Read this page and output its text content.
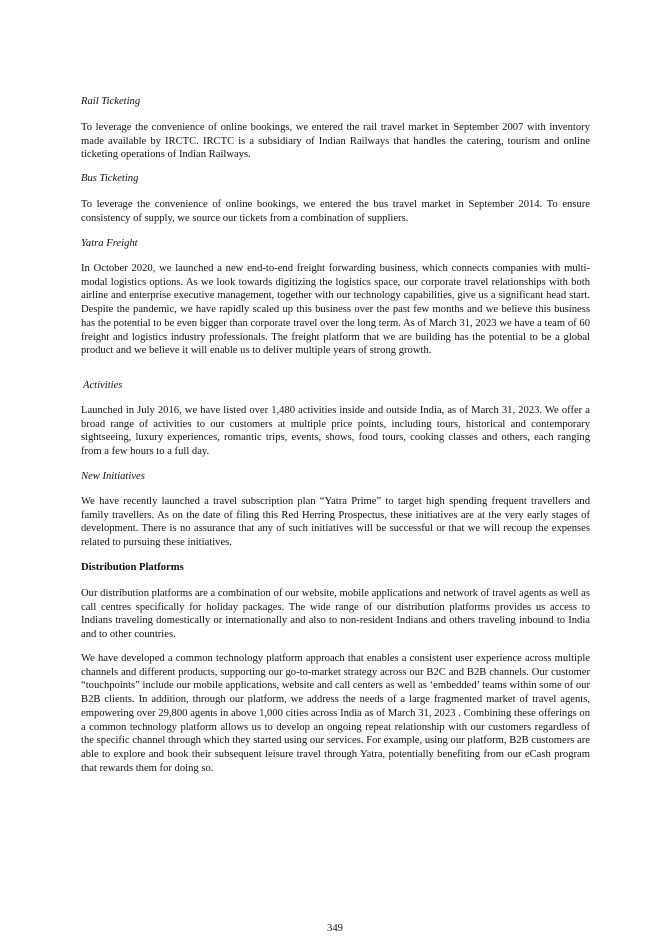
Rail Ticketing
To leverage the convenience of online bookings, we entered the rail travel market in September 2007 with inventory made available by IRCTC. IRCTC is a subsidiary of Indian Railways that handles the catering, tourism and online ticketing operations of Indian Railways.
Bus Ticketing
To leverage the convenience of online bookings, we entered the bus travel market in September 2014. To ensure consistency of supply, we source our tickets from a combination of suppliers.
Yatra Freight
In October 2020, we launched a new end-to-end freight forwarding business, which connects companies with multi-modal logistics options. As we look towards digitizing the logistics space, our corporate travel relationships with both airline and enterprise executive management, together with our technology capabilities, give us a significant head start. Despite the pandemic, we have rapidly scaled up this business over the past few months and we believe this business has the potential to be even bigger than corporate travel over the long term. As of March 31, 2023 we have a team of 60 freight and logistics industry professionals. The freight platform that we are building has the potential to be a global product and we believe it will enable us to deliver multiple years of strong growth.
Activities
Launched in July 2016, we have listed over 1,480 activities inside and outside India, as of March 31, 2023. We offer a broad range of activities to our customers at multiple price points, including tours, historical and contemporary sightseeing, luxury experiences, romantic trips, events, shows, food tours, cooking classes and others, each ranging from a few hours to a full day.
New Initiatives
We have recently launched a travel subscription plan “Yatra Prime” to target high spending frequent travellers and family travellers. As on the date of filing this Red Herring Prospectus, these initiatives are at the very early stages of development. There is no assurance that any of such initiatives will be successful or that we will recoup the expenses related to pursuing these initiatives.
Distribution Platforms
Our distribution platforms are a combination of our website, mobile applications and network of travel agents as well as call centres specifically for holiday packages. The wide range of our distribution platforms provides us access to Indians traveling domestically or internationally and also to non-resident Indians and others traveling inbound to India and to other countries.
We have developed a common technology platform approach that enables a consistent user experience across multiple channels and different products, supporting our go-to-market strategy across our B2C and B2B channels. Our customer “touchpoints” include our mobile applications, website and call centers as well as ‘embedded’ teams within some of our B2B clients. In addition, through our platform, we address the needs of a large fragmented market of travel agents, empowering over 29,800 agents in above 1,000 cities across India as of March 31, 2023 . Combining these offerings on a common technology platform allows us to develop an ongoing repeat relationship with our customers regardless of the specific channel through which they started using our services. For example, using our platform, B2B customers are able to explore and book their subsequent leisure travel through Yatra, potentially benefiting from our eCash program that rewards them for doing so.
349
